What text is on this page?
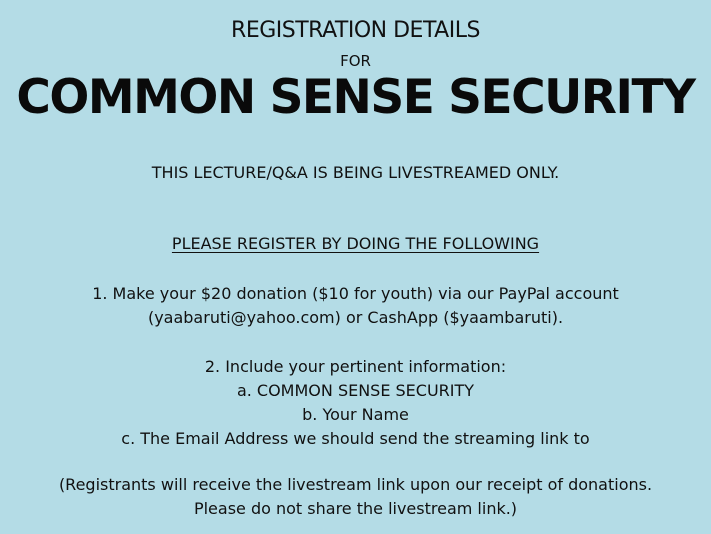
REGISTRATION DETAILS
FOR
COMMON SENSE SECURITY
THIS LECTURE/Q&A IS BEING LIVESTREAMED ONLY.
PLEASE REGISTER BY DOING THE FOLLOWING
1. Make your $20 donation ($10 for youth) via our PayPal account
(yaabaruti@yahoo.com) or CashApp ($yaambaruti).
2. Include your pertinent information:
a. COMMON SENSE SECURITY
b. Your Name
c. The Email Address we should send the streaming link to
(Registrants will receive the livestream link upon our receipt of donations.
Please do not share the livestream link.)
